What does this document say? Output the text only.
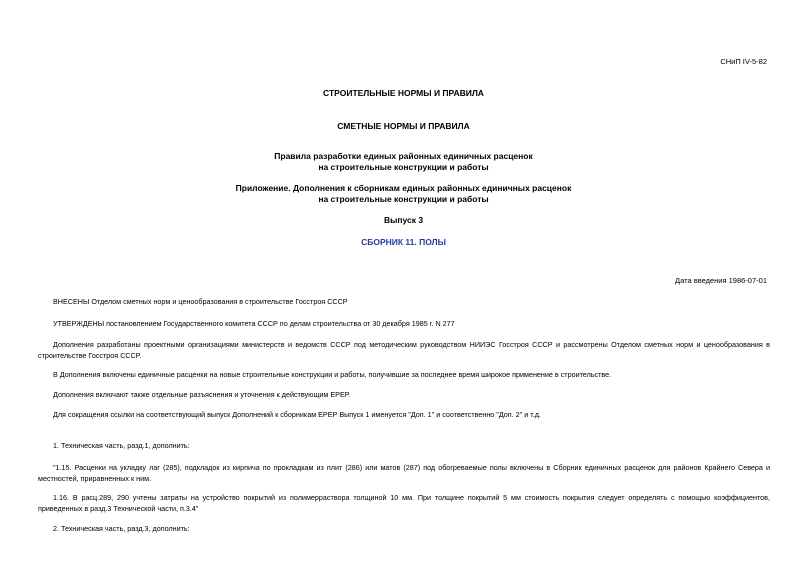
СНиП IV-5-82
СТРОИТЕЛЬНЫЕ НОРМЫ И ПРАВИЛА
СМЕТНЫЕ НОРМЫ И ПРАВИЛА
Правила разработки единых районных единичных расценок
на строительные конструкции и работы
Приложение. Дополнения к сборникам единых районных единичных расценок
на строительные конструкции и работы
Выпуск 3
СБОРНИК 11. ПОЛЫ
Дата введения 1986-07-01

ВНЕСЕНЫ Отделом сметных норм и ценообразования в строительстве Госстроя СССР

УТВЕРЖДЕНЫ постановлением Государственного комитета СССР по делам строительства от 30 декабря 1985 г. N 277

Дополнения разработаны проектными организациями министерств и ведомств СССР под методическим руководством НИИЭС Госстроя СССР и рассмотрены Отделом сметных норм и ценообразования в строительстве Госстроя СССР.

В Дополнения включены единичные расценки на новые строительные конструкции и работы, получившие за последнее время широкое применение в строительстве.

Дополнения включают также отдельные разъяснения и уточнения к действующим ЕРЕР.

Для сокращения ссылки на соответствующий выпуск Дополнений к сборникам ЕРЕР Выпуск 1 именуется "Доп. 1" и соответственно "Доп. 2" и т.д.

1. Техническая часть, разд.1, дополнить:

"1.15. Расценки на укладку лаг (285), подкладок из кирпича по прокладкам из плит (286) или матов (287) под обогреваемые полы включены в Сборник единичных расценок для районов Крайнего Севера и местностей, приравненных к ним.

1.16. В расц.289, 290 учтены затраты на устройство покрытий из полимерраствора толщиной 10 мм. При толщине покрытий 5 мм стоимость покрытия следует определять с помощью коэффициентов, приведенных в разд.3 Технической части, п.3.4"

2. Техническая часть, разд.3, дополнить:
